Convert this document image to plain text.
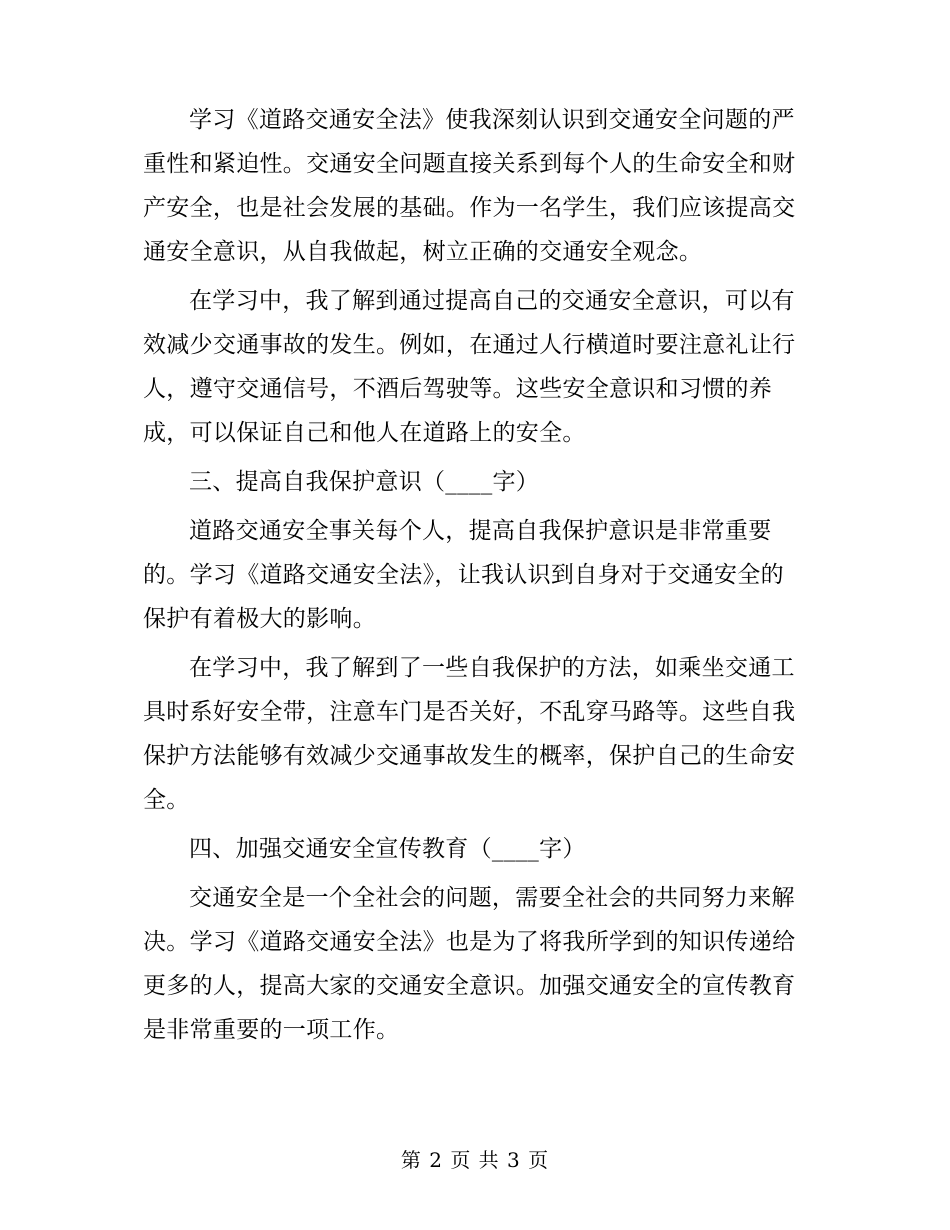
学习《道路交通安全法》使我深刻认识到交通安全问题的严
重性和紧迫性。交通安全问题直接关系到每个人的生命安全和财
产安全，也是社会发展的基础。作为一名学生，我们应该提高交
通安全意识，从自我做起，树立正确的交通安全观念。
在学习中，我了解到通过提高自己的交通安全意识，可以有
效减少交通事故的发生。例如，在通过人行横道时要注意礼让行
人，遵守交通信号，不酒后驾驶等。这些安全意识和习惯的养
成，可以保证自己和他人在道路上的安全。
三、提高自我保护意识（____字）
道路交通安全事关每个人，提高自我保护意识是非常重要
的。学习《道路交通安全法》，让我认识到自身对于交通安全的
保护有着极大的影响。
在学习中，我了解到了一些自我保护的方法，如乘坐交通工
具时系好安全带，注意车门是否关好，不乱穿马路等。这些自我
保护方法能够有效减少交通事故发生的概率，保护自己的生命安
全。
四、加强交通安全宣传教育（____字）
交通安全是一个全社会的问题，需要全社会的共同努力来解
决。学习《道路交通安全法》也是为了将我所学到的知识传递给
更多的人，提高大家的交通安全意识。加强交通安全的宣传教育
是非常重要的一项工作。
第 2 页 共 3 页
